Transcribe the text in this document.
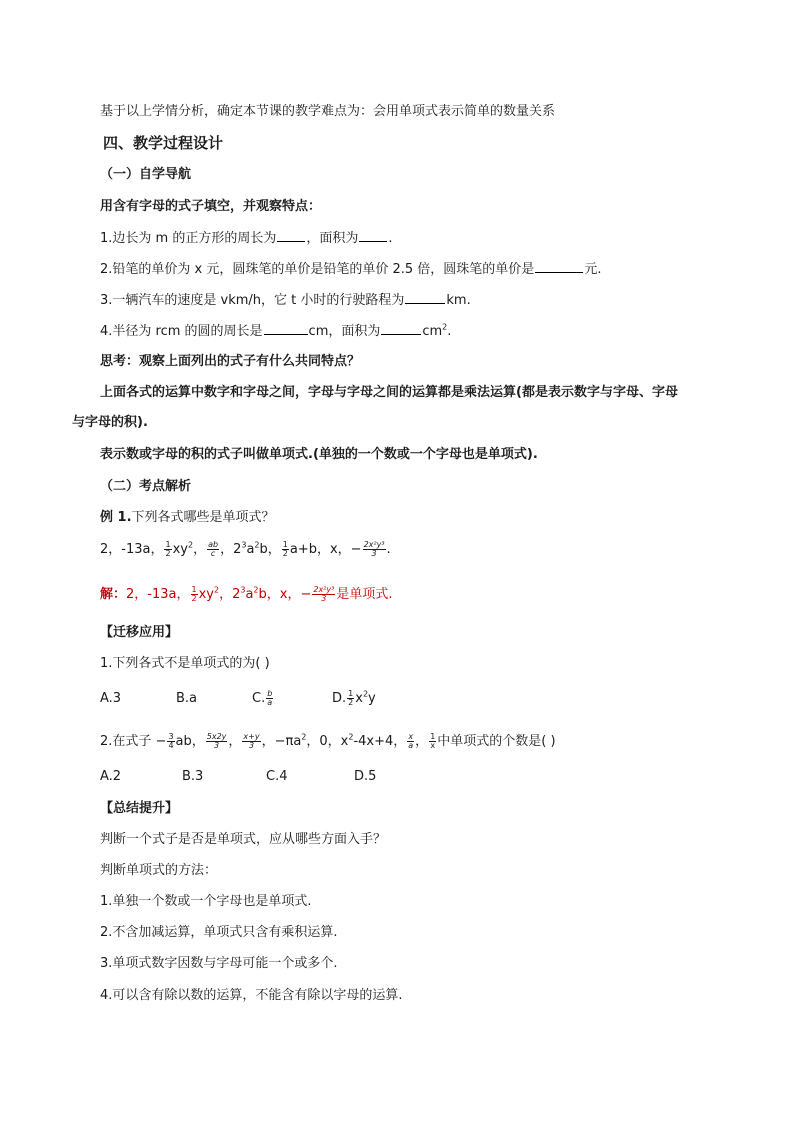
基于以上学情分析，确定本节课的教学难点为：会用单项式表示简单的数量关系
四、教学过程设计
（一）自学导航
用含有字母的式子填空，并观察特点：
1.边长为 m 的正方形的周长为 ，面积为 .
2.铅笔的单价为 x 元，圆珠笔的单价是铅笔的单价 2.5 倍，圆珠笔的单价是	元.
3.一辆汽车的速度是 vkm/h，它 t 小时的行驶路程为	km.
4.半径为 rcm 的圆的周长是	cm，面积为	$cm^2$.
思考：观察上面列出的式子有什么共同特点？
上面各式的运算中数字和字母之间，字母与字母之间的运算都是乘法运算(都是表示数字与字母、字母
与字母的积).
表示数或字母的积的式子叫做单项式.(单独的一个数或一个字母也是单项式).
（二）考点解析
例 1.下列各式哪些是单项式？
2，-13a， $\frac{1}{2} xy^2$， $\frac{ab}{c}$ ，$2^3a^2b$， $\frac{1}{2} a+b$，x，− $\frac{\text{2x²y³}}{3}$ .
解：2，-13a， $\frac{1}{2} xy^2$，$2^3a^2b$，x，− $\frac{\text{2x²y³}}{3}$ 是单项式.
【迁移应用】
1.下列各式不是单项式的为( )
A.3	B.a	C. $\frac{b}{a}$	D. $\frac{1}{2} x^2y$
2.在式子 − $\frac{3}{4}$ ab， $\frac{5x2y}{3}$ ， $\frac{x+y}{3}$ ，$-\pi a^2$，0，$x^2-4x+4$， $\frac{x}{a}$ ， $\frac{1}{x}$ 中单项式的个数是( )
A.2	B.3	C.4	D.5
【总结提升】
判断一个式子是否是单项式，应从哪些方面入手？
判断单项式的方法：
1.单独一个数或一个字母也是单项式.
2.不含加减运算，单项式只含有乘积运算.
3.单项式数字因数与字母可能一个或多个.
4.可以含有除以数的运算，不能含有除以字母的运算.
